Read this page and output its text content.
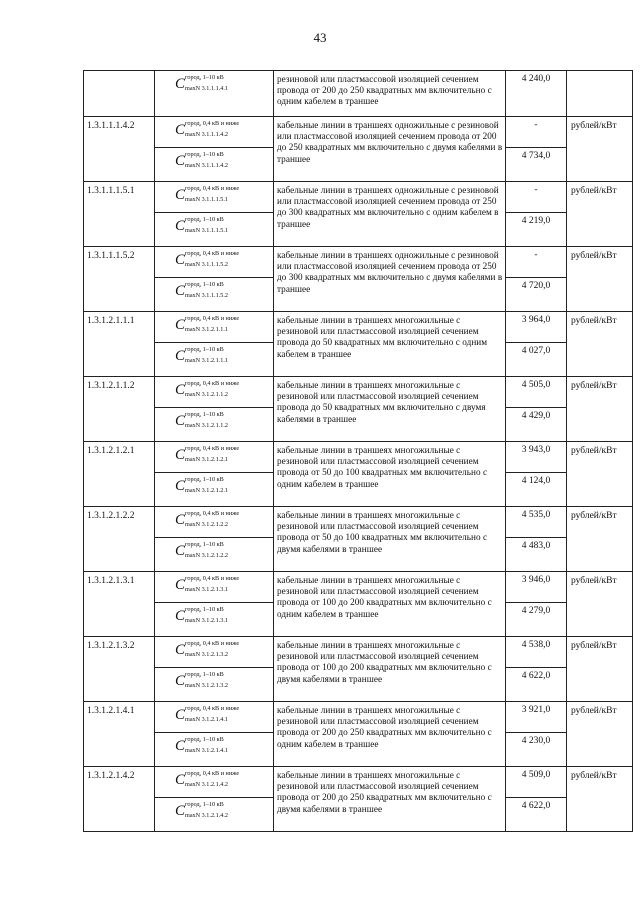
43

	C город, 1–10 кВ
maxN 3.1.1.1.4.1	резиновой или пластмассовой изоляцией сечением провода от 200 до 250 квадратных мм включительно с одним кабелем в траншее	4 240,0	
1.3.1.1.1.4.2	C город, 0,4 кВ и ниже
maxN 3.1.1.1.4.2	кабельные линии в траншеях одножильные с резиновой или пластмассовой изоляцией сечением провода от 200 до 250 квадратных мм включительно с двумя кабелями в траншее	-	рублей/кВт

	C город, 1–10 кВ
maxN 3.1.1.1.4.2		4 734,0	
1.3.1.1.1.5.1	C город, 0,4 кВ и ниже
maxN 3.1.1.1.5.1	кабельные линии в траншеях одножильные с резиновой или пластмассовой изоляцией сечением провода от 250 до 300 квадратных мм включительно с одним кабелем в траншее	-	рублей/кВт

	C город, 1–10 кВ
maxN 3.1.1.1.5.1		4 219,0	
1.3.1.1.1.5.2	C город, 0,4 кВ и ниже
maxN 3.1.1.1.5.2	кабельные линии в траншеях одножильные с резиновой или пластмассовой изоляцией сечением провода от 250 до 300 квадратных мм включительно с двумя кабелями в траншее	-	рублей/кВт

	C город, 1–10 кВ
maxN 3.1.1.1.5.2		4 720,0	
1.3.1.2.1.1.1	C город, 0,4 кВ и ниже
maxN 3.1.2.1.1.1	кабельные линии в траншеях многожильные с резиновой или пластмассовой изоляцией сечением провода до 50 квадратных мм включительно с одним кабелем в траншее	3 964,0	рублей/кВт

	C город, 1–10 кВ
maxN 3.1.2.1.1.1		4 027,0	
1.3.1.2.1.1.2	C город, 0,4 кВ и ниже
maxN 3.1.2.1.1.2	кабельные линии в траншеях многожильные с резиновой или пластмассовой изоляцией сечением провода до 50 квадратных мм включительно с двумя кабелями в траншее	4 505,0	рублей/кВт

	C город, 1–10 кВ
maxN 3.1.2.1.1.2		4 429,0	
1.3.1.2.1.2.1	C город, 0,4 кВ и ниже
maxN 3.1.2.1.2.1	кабельные линии в траншеях многожильные с резиновой или пластмассовой изоляцией сечением провода от 50 до 100 квадратных мм включительно с одним кабелем в траншее	3 943,0	рублей/кВт

	C город, 1–10 кВ
maxN 3.1.2.1.2.1		4 124,0	
1.3.1.2.1.2.2	C город, 0,4 кВ и ниже
maxN 3.1.2.1.2.2	кабельные линии в траншеях многожильные с резиновой или пластмассовой изоляцией сечением провода от 50 до 100 квадратных мм включительно с двумя кабелями в траншее	4 535,0	рублей/кВт

	C город, 1–10 кВ
maxN 3.1.2.1.2.2		4 483,0	
1.3.1.2.1.3.1	C город, 0,4 кВ и ниже
maxN 3.1.2.1.3.1	кабельные линии в траншеях многожильные с резиновой или пластмассовой изоляцией сечением провода от 100 до 200 квадратных мм включительно с одним кабелем в траншее	3 946,0	рублей/кВт

	C город, 1–10 кВ
maxN 3.1.2.1.3.1		4 279,0	
1.3.1.2.1.3.2	C город, 0,4 кВ и ниже
maxN 3.1.2.1.3.2	кабельные линии в траншеях многожильные с резиновой или пластмассовой изоляцией сечением провода от 100 до 200 квадратных мм включительно с двумя кабелями в траншее	4 538,0	рублей/кВт

	C город, 1–10 кВ
maxN 3.1.2.1.3.2		4 622,0	
1.3.1.2.1.4.1	C город, 0,4 кВ и ниже
maxN 3.1.2.1.4.1	кабельные линии в траншеях многожильные с резиновой или пластмассовой изоляцией сечением провода от 200 до 250 квадратных мм включительно с одним кабелем в траншее	3 921,0	рублей/кВт

	C город, 1–10 кВ
maxN 3.1.2.1.4.1		4 230,0	
1.3.1.2.1.4.2	C город, 0,4 кВ и ниже
maxN 3.1.2.1.4.2	кабельные линии в траншеях многожильные с резиновой или пластмассовой изоляцией сечением провода от 200 до 250 квадратных мм включительно с двумя кабелями в траншее	4 509,0	рублей/кВт

	C город, 1–10 кВ
maxN 3.1.2.1.4.2		4 622,0	
